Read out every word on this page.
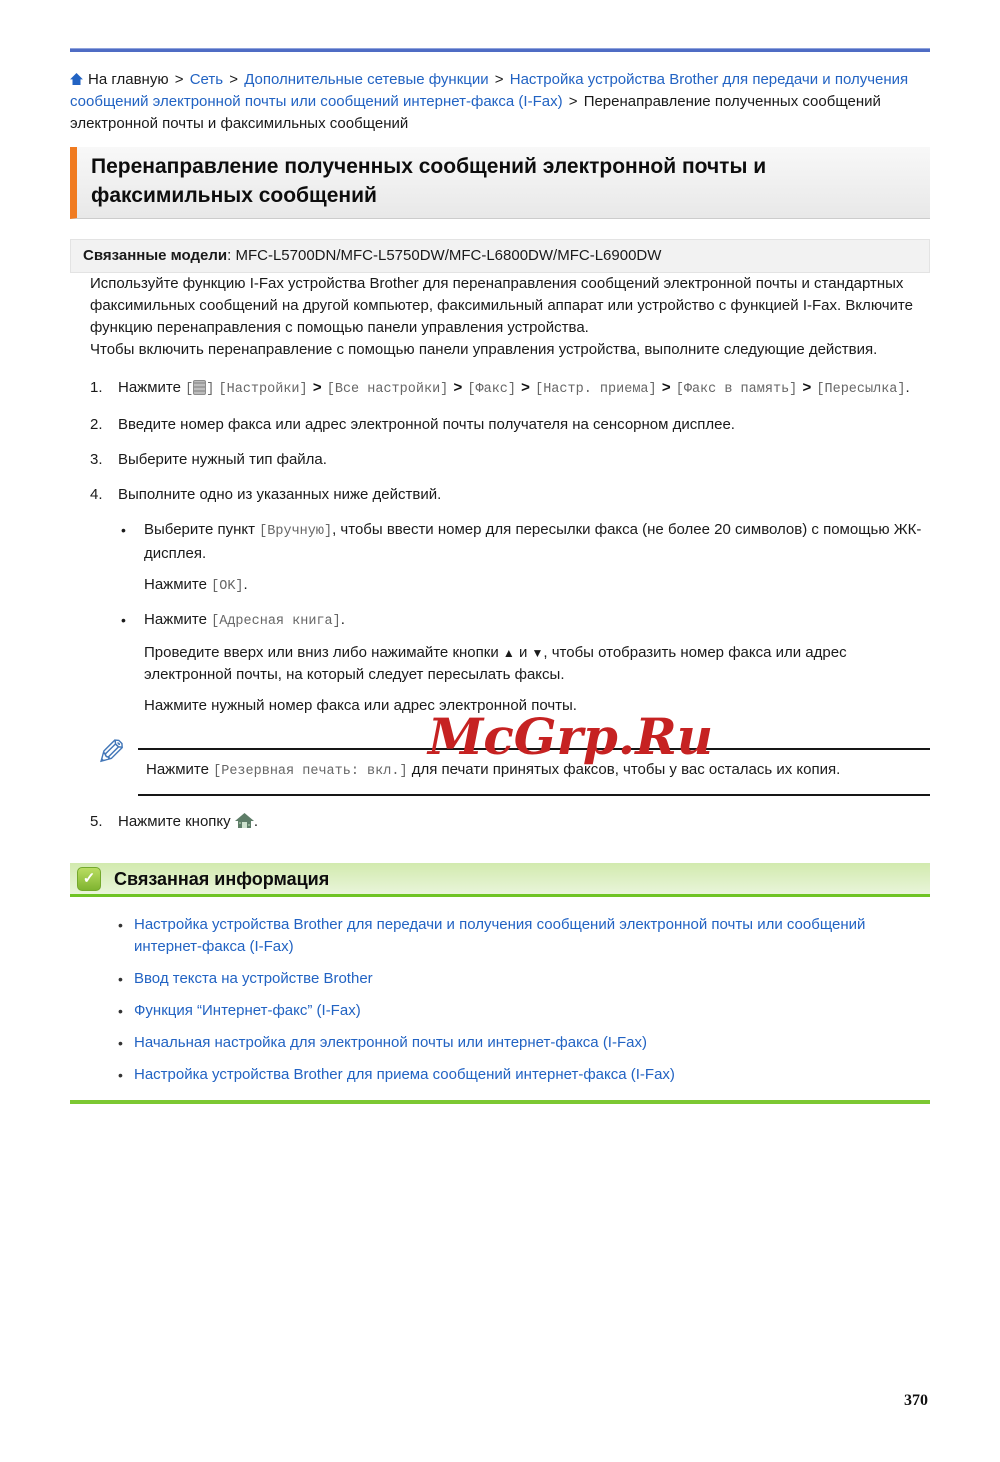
На главную > Сеть > Дополнительные сетевые функции > Настройка устройства Brother для передачи и получения сообщений электронной почты или сообщений интернет-факса (I-Fax) > Перенаправление полученных сообщений электронной почты и факсимильных сообщений
Перенаправление полученных сообщений электронной почты и факсимильных сообщений
Связанные модели: MFC-L5700DN/MFC-L5750DW/MFC-L6800DW/MFC-L6900DW

Используйте функцию I-Fax устройства Brother для перенаправления сообщений электронной почты и стандартных факсимильных сообщений на другой компьютер, факсимильный аппарат или устройство с функцией I-Fax. Включите функцию перенаправления с помощью панели управления устройства.

Чтобы включить перенаправление с помощью панели управления устройства, выполните следующие действия.

1.	Нажмите [ ] [Настройки] > [Все настройки] > [Факс] > [Настр. приема] > [Факс в память] > [Пересылка].
2.	Введите номер факса или адрес электронной почты получателя на сенсорном дисплее.
3.	Выберите нужный тип файла.
4.	Выполните одно из указанных ниже действий.
•	Выберите пункт [Вручную], чтобы ввести номер для пересылки факса (не более 20 символов) с помощью ЖК-дисплея.

Нажмите [OK].

•	Нажмите [Адресная книга].

Проведите вверх или вниз либо нажимайте кнопки ▲ и ▼, чтобы отобразить номер факса или адрес электронной почты, на который следует пересылать факсы.

Нажмите нужный номер факса или адрес электронной почты.

✎ Нажмите [Резервная печать: вкл.] для печати принятых факсов, чтобы у вас осталась их копия.

5.	Нажмите кнопку .
✓	Связанная информация
• Настройка устройства Brother для передачи и получения сообщений электронной почты или сообщений интернет-факса (I-Fax)
• Ввод текста на устройстве Brother
• Функция “Интернет-факс” (I-Fax)
• Начальная настройка для электронной почты или интернет-факса (I-Fax)
• Настройка устройства Brother для приема сообщений интернет-факса (I-Fax)
McGrp.Ru
370
